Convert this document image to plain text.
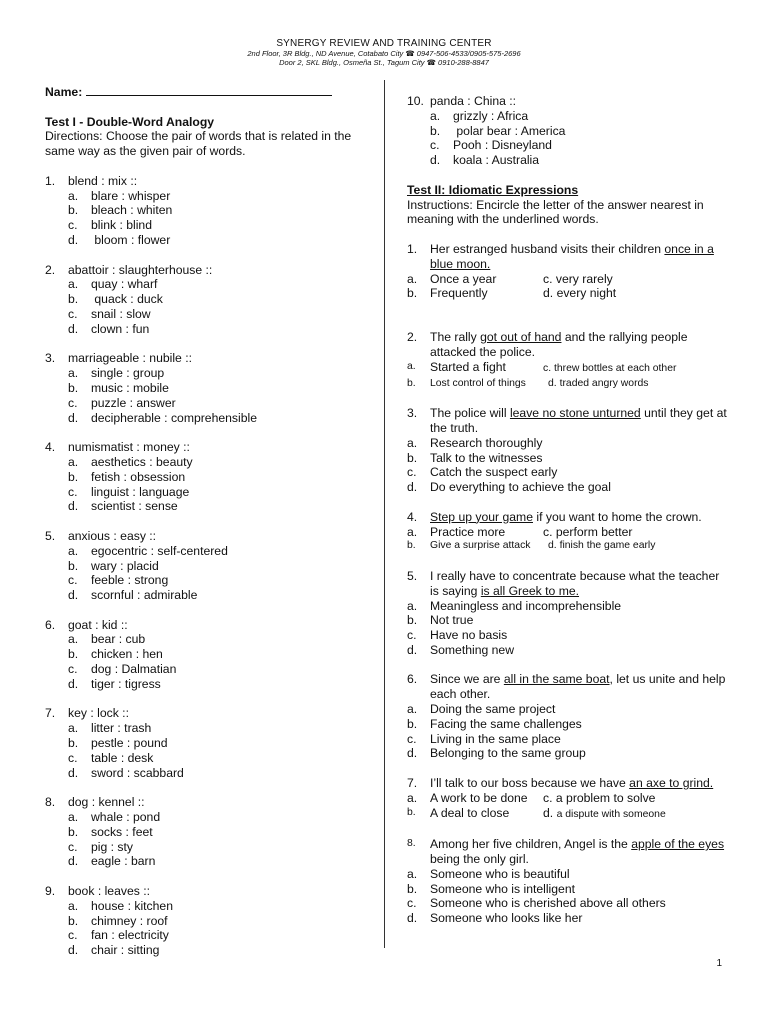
SYNERGY REVIEW AND TRAINING CENTER
2nd Floor, 3R Bldg., ND Avenue, Cotabato City ☎ 0947-506-4533/0905-575-2696
Door 2, SKL Bldg., Osmeña St., Tagum City ☎ 0910-288-8847
Name:
Test I - Double-Word Analogy
Directions: Choose the pair of words that is related in the same way as the given pair of words.
1. blend : mix ::
a. blare : whisper
b. bleach : whiten
c. blink : blind
d. bloom : flower
2. abattoir : slaughterhouse ::
a. quay : wharf
b. quack : duck
c. snail : slow
d. clown : fun
3. marriageable : nubile ::
a. single : group
b. music : mobile
c. puzzle : answer
d. decipherable : comprehensible
4. numismatist : money ::
a. aesthetics : beauty
b. fetish : obsession
c. linguist : language
d. scientist : sense
5. anxious : easy ::
a. egocentric : self-centered
b. wary : placid
c. feeble : strong
d. scornful : admirable
6. goat : kid ::
a. bear : cub
b. chicken : hen
c. dog : Dalmatian
d. tiger : tigress
7. key : lock ::
a. litter : trash
b. pestle : pound
c. table : desk
d. sword : scabbard
8. dog : kennel ::
a. whale : pond
b. socks : feet
c. pig : sty
d. eagle : barn
9. book : leaves ::
a. house : kitchen
b. chimney : roof
c. fan : electricity
d. chair : sitting
10. panda : China ::
a. grizzly : Africa
b. polar bear : America
c. Pooh : Disneyland
d. koala : Australia
Test II: Idiomatic Expressions
Instructions: Encircle the letter of the answer nearest in meaning with the underlined words.
1. Her estranged husband visits their children once in a blue moon.
a. Once a year	c. very rarely
b. Frequently	d. every night
2. The rally got out of hand and the rallying people attacked the police.
a. Started a fight	c. threw bottles at each other
b. Lost control of things	d. traded angry words
3. The police will leave no stone unturned until they get at the truth.
a. Research thoroughly
b. Talk to the witnesses
c. Catch the suspect early
d. Do everything to achieve the goal
4. Step up your game if you want to home the crown.
a. Practice more	c. perform better
b. Give a surprise attack	d. finish the game early
5. I really have to concentrate because what the teacher is saying is all Greek to me.
a. Meaningless and incomprehensible
b. Not true
c. Have no basis
d. Something new
6. Since we are all in the same boat, let us unite and help each other.
a. Doing the same project
b. Facing the same challenges
c. Living in the same place
d. Belonging to the same group
7. I’ll talk to our boss because we have an axe to grind.
a. A work to be done	c. a problem to solve
b. A deal to close	d. a dispute with someone
8. Among her five children, Angel is the apple of the eyes being the only girl.
a. Someone who is beautiful
b. Someone who is intelligent
c. Someone who is cherished above all others
d. Someone who looks like her
1
